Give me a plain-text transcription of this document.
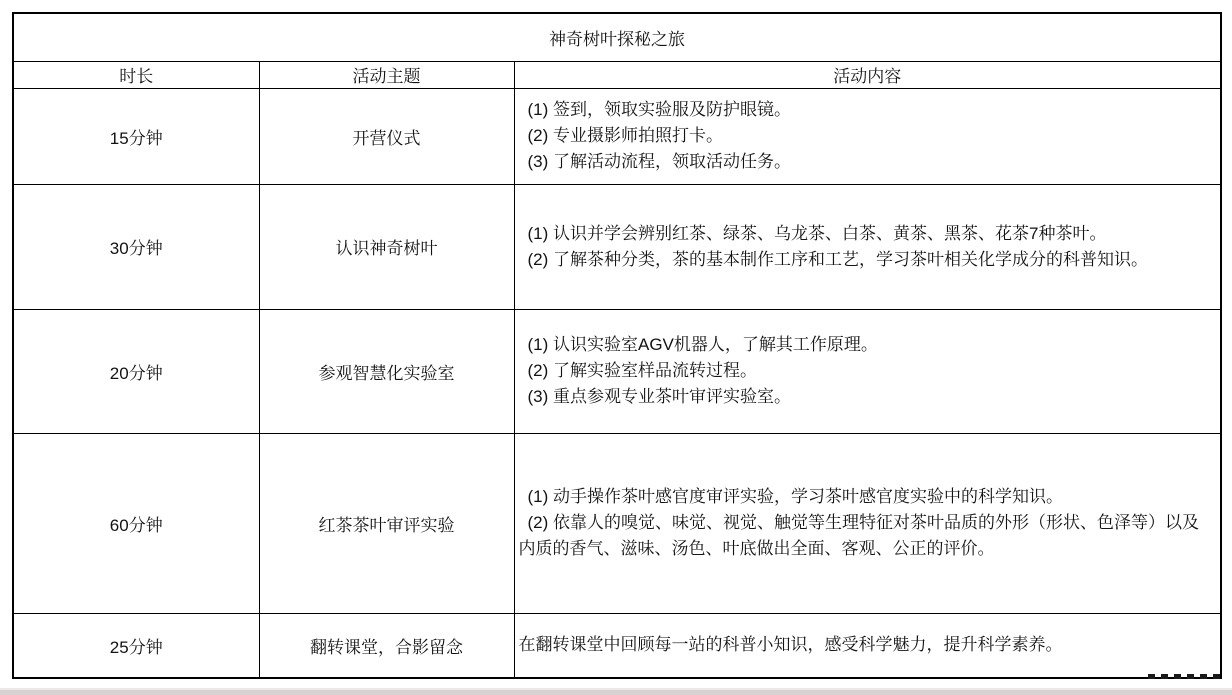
神奇树叶探秘之旅		
时长	活动主题	活动内容
15分钟	开营仪式	(1) 签到，领取实验服及防护眼镜。
(2) 专业摄影师拍照打卡。
(3) 了解活动流程，领取活动任务。

30分钟	认识神奇树叶	(1) 认识并学会辨别红茶、绿茶、乌龙茶、白茶、黄茶、黑茶、花茶7种茶叶。
(2) 了解茶种分类，茶的基本制作工序和工艺，学习茶叶相关化学成分的科普知识。

20分钟	参观智慧化实验室	(1) 认识实验室AGV机器人，了解其工作原理。
(2) 了解实验室样品流转过程。
(3) 重点参观专业茶叶审评实验室。

60分钟	红茶茶叶审评实验	(1) 动手操作茶叶感官度审评实验，学习茶叶感官度实验中的科学知识。
(2) 依靠人的嗅觉、味觉、视觉、触觉等生理特征对茶叶品质的外形（形状、色泽等）以及内质的香气、滋味、汤色、叶底做出全面、客观、公正的评价。

25分钟	翻转课堂，合影留念	在翻转课堂中回顾每一站的科普小知识，感受科学魅力，提升科学素养。
